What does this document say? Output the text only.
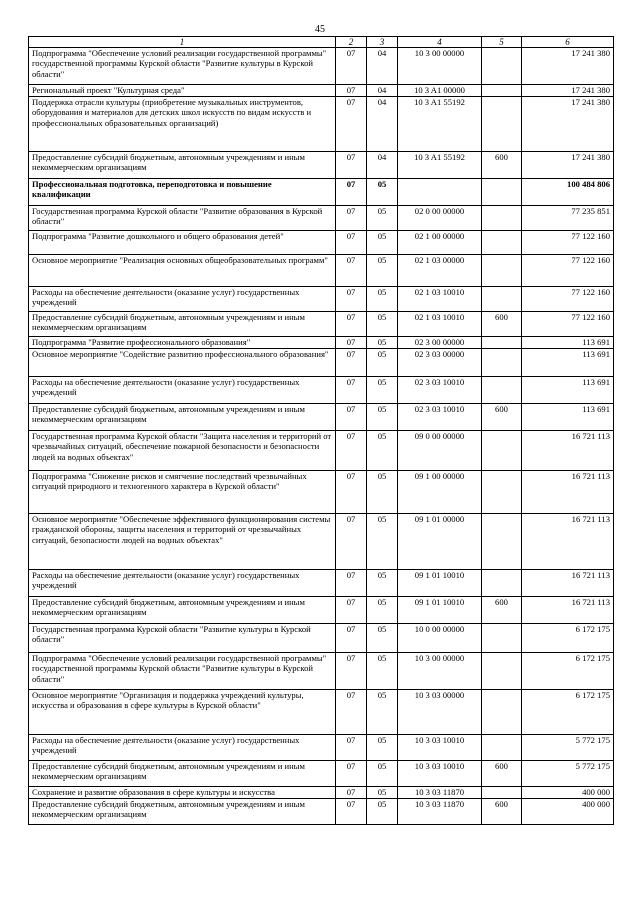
45
1	2	3	4	5	6
Подпрограмма "Обеспечение условий реализации государственной программы" государственной программы Курской области "Развитие культуры в Курской области"	07	04	10 3 00 00000		17 241 380
Региональный проект "Культурная среда"	07	04	10 3 A1 00000		17 241 380
Поддержка отрасли культуры (приобретение музыкальных инструментов, оборудования и материалов для детских школ искусств по видам искусств и профессиональных образовательных организаций)	07	04	10 3 A1 55192		17 241 380
Предоставление субсидий бюджетным, автономным учреждениям и иным некоммерческим организациям	07	04	10 3 A1 55192	600	17 241 380
Профессиональная подготовка, переподготовка и повышение квалификации	07	05			100 484 806
Государственная программа Курской области "Развитие образования в Курской области"	07	05	02 0 00 00000		77 235 851
Подпрограмма "Развитие дошкольного и общего образования детей"	07	05	02 1 00 00000		77 122 160
Основное мероприятие "Реализация основных общеобразовательных программ"	07	05	02 1 03 00000		77 122 160
Расходы на обеспечение деятельности (оказание услуг) государственных учреждений	07	05	02 1 03 10010		77 122 160
Предоставление субсидий бюджетным, автономным учреждениям и иным некоммерческим организациям	07	05	02 1 03 10010	600	77 122 160
Подпрограмма "Развитие профессионального образования"	07	05	02 3 00 00000		113 691
Основное мероприятие "Содействие развитию профессионального образования"	07	05	02 3 03 00000		113 691
Расходы на обеспечение деятельности (оказание услуг) государственных учреждений	07	05	02 3 03 10010		113 691
Предоставление субсидий бюджетным, автономным учреждениям и иным некоммерческим организациям	07	05	02 3 03 10010	600	113 691
Государственная программа Курской области "Защита населения и территорий от чрезвычайных ситуаций, обеспечение пожарной безопасности и безопасности людей на водных объектах"	07	05	09 0 00 00000		16 721 113
Подпрограмма "Снижение рисков и смягчение последствий чрезвычайных ситуаций природного и техногенного характера в Курской области"	07	05	09 1 00 00000		16 721 113
Основное мероприятие "Обеспечение эффективного функционирования системы гражданской обороны, защиты населения и территорий от чрезвычайных ситуаций, безопасности людей на водных объектах"	07	05	09 1 01 00000		16 721 113
Расходы на обеспечение деятельности (оказание услуг) государственных учреждений	07	05	09 1 01 10010		16 721 113
Предоставление субсидий бюджетным, автономным учреждениям и иным некоммерческим организациям	07	05	09 1 01 10010	600	16 721 113
Государственная программа Курской области "Развитие культуры в Курской области"	07	05	10 0 00 00000		6 172 175
Подпрограмма "Обеспечение условий реализации государственной программы" государственной программы Курской области "Развитие культуры в Курской области"	07	05	10 3 00 00000		6 172 175
Основное мероприятие "Организация и поддержка учреждений культуры, искусства и образования в сфере культуры в Курской области"	07	05	10 3 03 00000		6 172 175
Расходы на обеспечение деятельности (оказание услуг) государственных учреждений	07	05	10 3 03 10010		5 772 175
Предоставление субсидий бюджетным, автономным учреждениям и иным некоммерческим организациям	07	05	10 3 03 10010	600	5 772 175
Сохранение и развитие образования в сфере культуры и искусства	07	05	10 3 03 11870		400 000
Предоставление субсидий бюджетным, автономным учреждениям и иным некоммерческим организациям	07	05	10 3 03 11870	600	400 000
